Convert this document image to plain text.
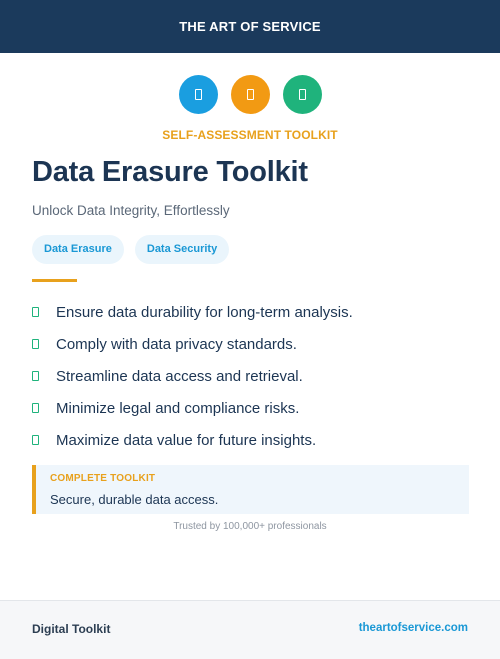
THE ART OF SERVICE
SELF-ASSESSMENT TOOLKIT
Data Erasure Toolkit
Unlock Data Integrity, Effortlessly
Data Erasure	Data Security
Ensure data durability for long-term analysis.
Comply with data privacy standards.
Streamline data access and retrieval.
Minimize legal and compliance risks.
Maximize data value for future insights.
COMPLETE TOOLKIT
Secure, durable data access.
Trusted by 100,000+ professionals
Digital Toolkit	theartofservice.com
